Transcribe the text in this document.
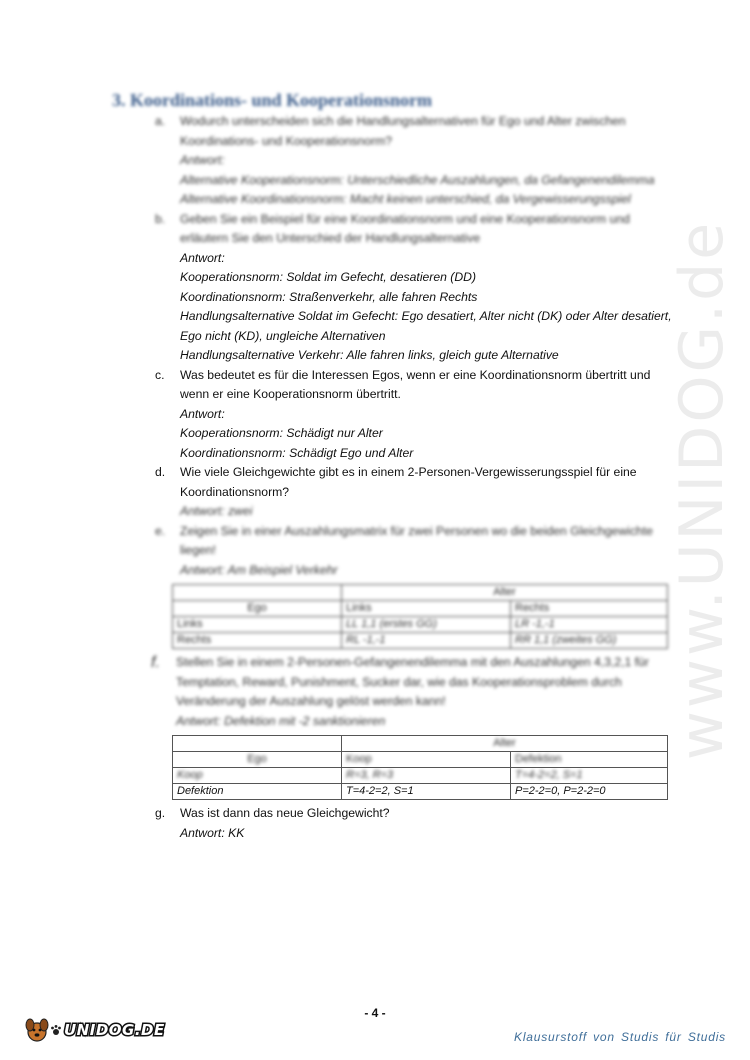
www.UNIDOG.de
3. Koordinations- und Kooperationsnorm
a.	Wodurch unterscheiden sich die Handlungsalternativen für Ego und Alter zwischen Koordinations- und Kooperationsnorm?
Antwort:
Alternative Kooperationsnorm: Unterschiedliche Auszahlungen, da Gefangenendilemma
Alternative Koordinationsnorm: Macht keinen unterschied, da Vergewisserungsspiel
b.	Geben Sie ein Beispiel für eine Koordinationsnorm und eine Kooperationsnorm und erläutern Sie den Unterschied der Handlungsalternative
Antwort:
Kooperationsnorm: Soldat im Gefecht, desatieren (DD)
Koordinationsnorm: Straßenverkehr, alle fahren Rechts
Handlungsalternative Soldat im Gefecht: Ego desatiert, Alter nicht (DK) oder Alter desatiert, Ego nicht (KD), ungleiche Alternativen
Handlungsalternative Verkehr: Alle fahren links, gleich gute Alternative
c.	Was bedeutet es für die Interessen Egos, wenn er eine Koordinationsnorm übertritt und wenn er eine Kooperationsnorm übertritt.
Antwort:
Kooperationsnorm: Schädigt nur Alter
Koordinationsnorm: Schädigt Ego und Alter
d.	Wie viele Gleichgewichte gibt es in einem 2-Personen-Vergewisserungsspiel für eine Koordinationsnorm?
Antwort: zwei
e.	Zeigen Sie in einer Auszahlungsmatrix für zwei Personen wo die beiden Gleichgewichte liegen!
Antwort: Am Beispiel Verkehr
	Alter	
Ego	Links	Rechts
Links	LL 1,1 (erstes GG)	LR -1,-1
Rechts	RL -1,-1	RR 1,1 (zweites GG)
f.	Stellen Sie in einem 2-Personen-Gefangenendilemma mit den Auszahlungen 4,3,2,1 für Temptation, Reward, Punishment, Sucker dar, wie das Kooperationsproblem durch Veränderung der Auszahlung gelöst werden kann!
Antwort: Defektion mit -2 sanktionieren
	Alter	
Ego	Koop	Defektion
Koop	R=3, R=3	T=4-2=2, S=1
Defektion	T=4-2=2, S=1	P=2-2=0, P=2-2=0
g.	Was ist dann das neue Gleichgewicht?
Antwort: KK
- 4 -
UNIDOG.DE	Klausurstoff von Studis für Studis
